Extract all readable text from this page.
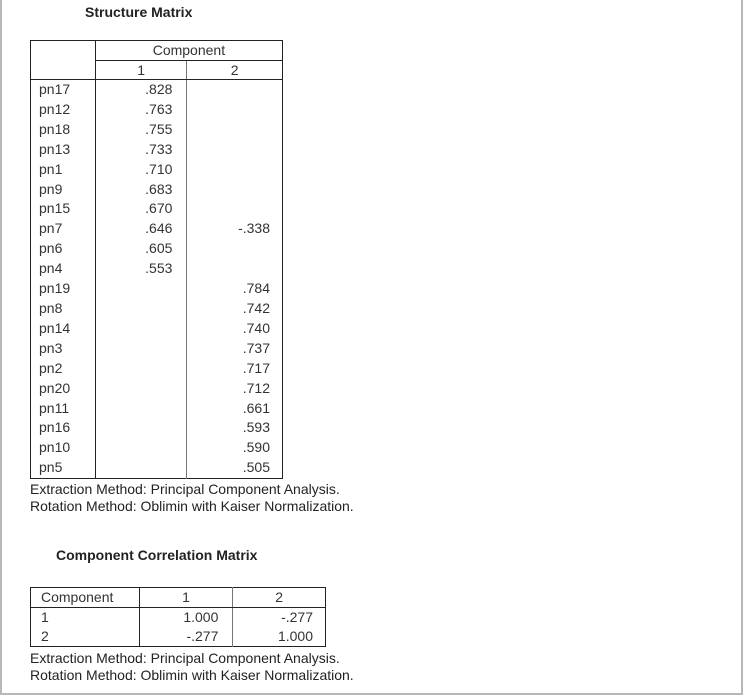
Structure Matrix
	Component	
	1	2
pn17	.828	
pn12	.763	
pn18	.755	
pn13	.733	
pn1	.710	
pn9	.683	
pn15	.670	
pn7	.646	-.338
pn6	.605	
pn4	.553	
pn19		.784
pn8		.742
pn14		.740
pn3		.737
pn2		.717
pn20		.712
pn11		.661
pn16		.593
pn10		.590
pn5		.505
Extraction Method: Principal Component Analysis.
Rotation Method: Oblimin with Kaiser Normalization.
Component Correlation Matrix
Component	1	2
1	1.000	-.277
2	-.277	1.000
Extraction Method: Principal Component Analysis.
Rotation Method: Oblimin with Kaiser Normalization.
